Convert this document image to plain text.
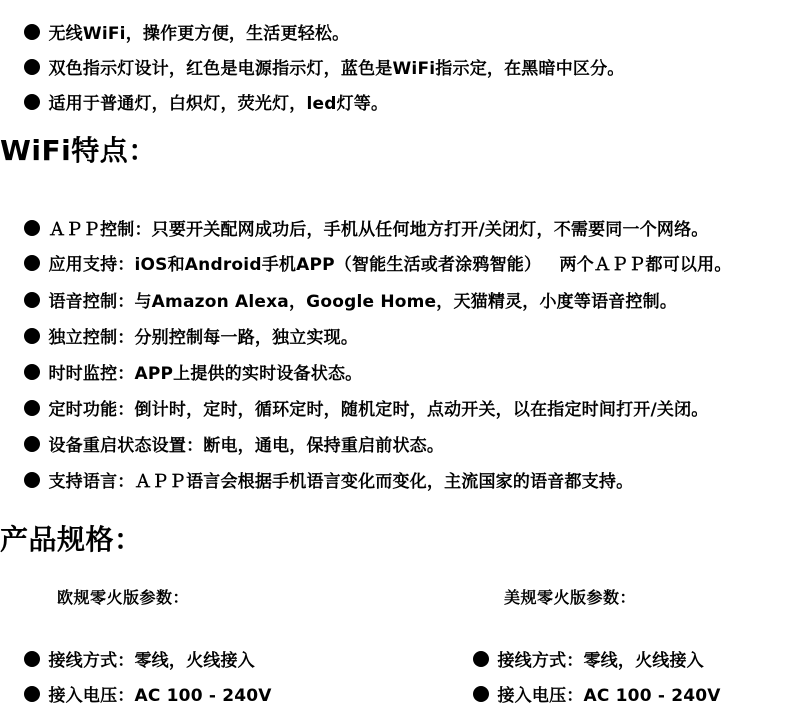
无线WiFi，操作更方便，生活更轻松。

双色指示灯设计，红色是电源指示灯，蓝色是WiFi指示定，在黑暗中区分。

适用于普通灯，白炽灯，荧光灯，led灯等。

WiFi特点：

ＡＰＰ控制：只要开关配网成功后，手机从任何地方打开/关闭灯，不需要同一个网络。

应用支持：iOS和Android手机APP（智能生活或者涂鸦智能）   两个ＡＰＰ都可以用。

语音控制：与Amazon Alexa，Google Home，天猫精灵，小度等语音控制。

独立控制：分别控制每一路，独立实现。

时时监控：APP上提供的实时设备状态。

定时功能：倒计时，定时，循环定时，随机定时，点动开关，以在指定时间打开/关闭。

设备重启状态设置：断电，通电，保持重启前状态。

支持语言：ＡＰＰ语言会根据手机语言变化而变化，主流国家的语音都支持。

产品规格：
欧规零火版参数：	美规零火版参数：

接线方式：零线，火线接入

接入电压：AC 100 - 240V

接线方式：零线，火线接入

接入电压：AC 100 - 240V
